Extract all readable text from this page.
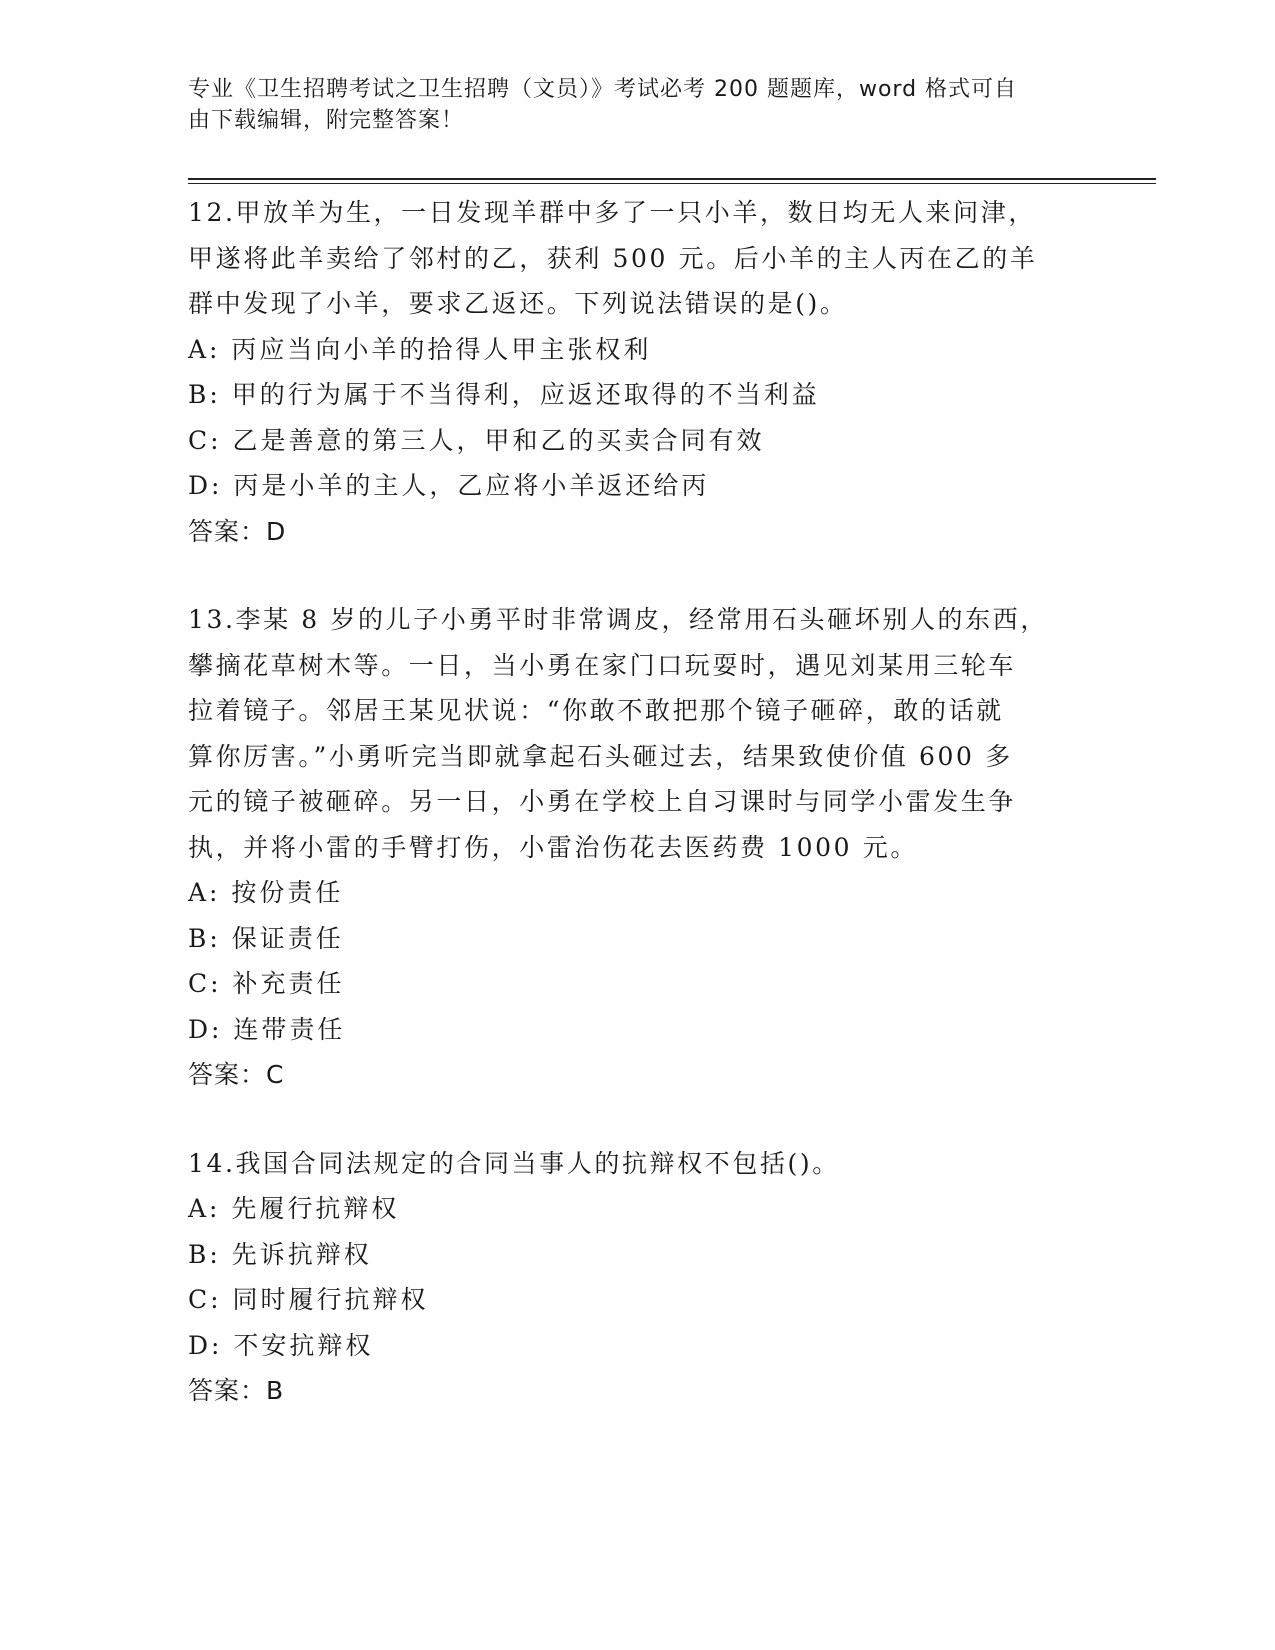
专业《卫生招聘考试之卫生招聘（文员）》考试必考 200 题题库，word 格式可自
由下载编辑，附完整答案！
12.甲放羊为生，一日发现羊群中多了一只小羊，数日均无人来问津，
甲遂将此羊卖给了邻村的乙，获利 500 元。后小羊的主人丙在乙的羊
群中发现了小羊，要求乙返还。下列说法错误的是()。
A: 丙应当向小羊的拾得人甲主张权利
B: 甲的行为属于不当得利，应返还取得的不当利益
C: 乙是善意的第三人，甲和乙的买卖合同有效
D: 丙是小羊的主人，乙应将小羊返还给丙
答案：D
13.李某 8 岁的儿子小勇平时非常调皮，经常用石头砸坏别人的东西，
攀摘花草树木等。一日，当小勇在家门口玩耍时，遇见刘某用三轮车
拉着镜子。邻居王某见状说：“你敢不敢把那个镜子砸碎，敢的话就
算你厉害。”小勇听完当即就拿起石头砸过去，结果致使价值 600 多
元的镜子被砸碎。另一日，小勇在学校上自习课时与同学小雷发生争
执，并将小雷的手臂打伤，小雷治伤花去医药费 1000 元。
A: 按份责任
B: 保证责任
C: 补充责任
D: 连带责任
答案：C
14.我国合同法规定的合同当事人的抗辩权不包括()。
A: 先履行抗辩权
B: 先诉抗辩权
C: 同时履行抗辩权
D: 不安抗辩权
答案：B
